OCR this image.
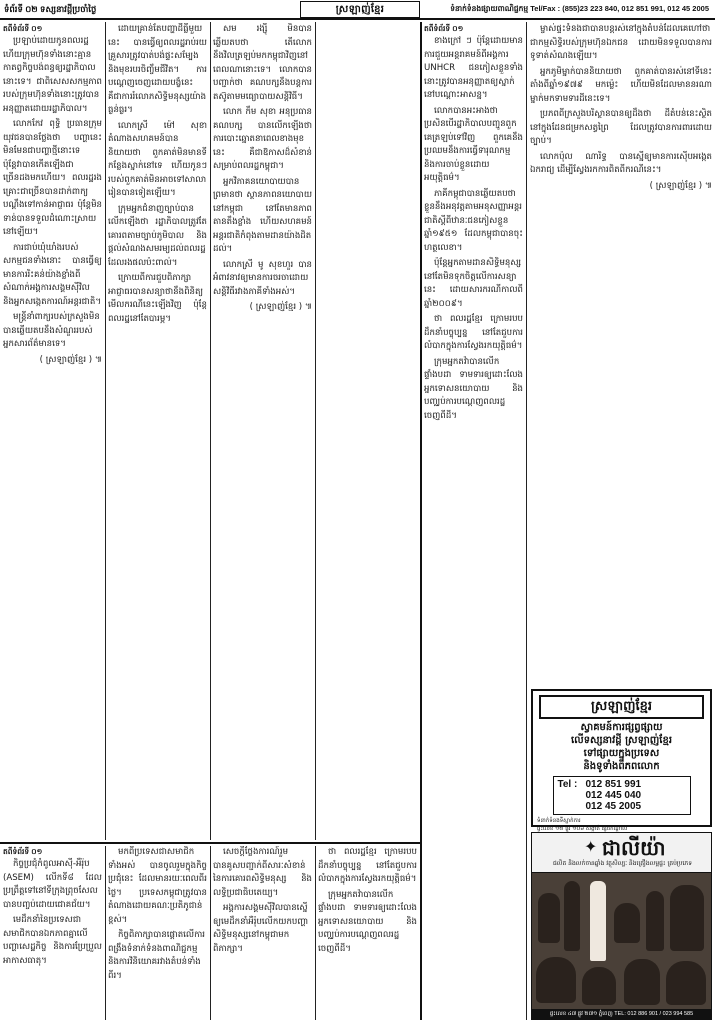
ទំព័រទី ០២ ទស្សនាវដ្តីប្រចាំថ្ងៃ	ស្រឡាញ់ខ្មែរ	ទំនាក់ទំនងផ្សាយពាណិជ្ជកម្ម Tel/Fax : (855)23 223 840, 012 851 991, 012 45 2005
តពីទំព័រទី ០១
ប្រឡាប់ដោយកូនពលរដ្ឋ ហើយក្រុមហ៊ុនទាំងនោះគ្មានកាតព្វកិច្ចបង់ពន្ធឲ្យរដ្ឋាភិបាលនោះទេ។ ជាពិសេសសកម្មភាពរបស់ក្រុមហ៊ុនទាំងនោះត្រូវបានអនុញ្ញាតដោយរដ្ឋាភិបាល។
លោកកែវ ពុទ្ធិ ប្រធានក្រុមយុវជនបានថ្លែងថា បញ្ហានេះមិនមែនជាបញ្ហាថ្មីនោះទេ ប៉ុន្តែវាបានកើតឡើងជាច្រើនដងមកហើយ។ ពលរដ្ឋរងគ្រោះជាច្រើនបានដាក់ពាក្យបណ្តឹងទៅកាន់អាជ្ញាធរ ប៉ុន្តែមិនទាន់បានទទួលដំណោះស្រាយនៅឡើយ។
ការជាប់ឃុំឃាំងរបស់សកម្មជនទាំងនោះ បានធ្វើឲ្យមានការរិះគន់យ៉ាងខ្លាំងពីសំណាក់អង្គការសង្គមស៊ីវិល និងអ្នកសង្កេតការណ៍អន្តរជាតិ។
មន្ត្រីនាំពាក្យរបស់ក្រសួងមិនបានឆ្លើយតបនឹងសំណួររបស់អ្នកសារព័ត៌មានទេ។
( ស្រឡាញ់ខ្មែរ ) ៕
ដោយគ្រាន់តែបញ្ហាដីធ្លីមួយនេះ បានធ្វើឲ្យពលរដ្ឋរាប់រយគ្រួសារត្រូវបាត់បង់ផ្ទះសម្បែង និងមុខរបរចិញ្ចឹមជីវិត។ ការបណ្តេញចេញដោយបង្ខំនេះ គឺជាការរំលោភសិទ្ធិមនុស្សយ៉ាងធ្ងន់ធ្ងរ។
លោកស្រី ម៉ៅ សុខា តំណាងសហគមន៍បាននិយាយថា ពួកគាត់មិនមានទីកន្លែងស្នាក់នៅទេ ហើយកូនៗរបស់ពួកគាត់មិនអាចទៅសាលារៀនបានទៀតឡើយ។
ក្រុមអ្នកជំនាញច្បាប់បានលើកឡើងថា រដ្ឋាភិបាលត្រូវតែគោរពតាមច្បាប់ភូមិបាល និងផ្តល់សំណងសមរម្យដល់ពលរដ្ឋដែលរងផលប៉ះពាល់។
ក្រោយពីការជួបពិភាក្សា អាជ្ញាធរបានសន្យាថានឹងពិនិត្យមើលករណីនេះឡើងវិញ ប៉ុន្តែពលរដ្ឋនៅតែបារម្ភ។
សម រង្ស៊ី មិនបានឆ្លើយតបថា តើលោកនឹងវិលត្រឡប់មកកម្ពុជាវិញនៅពេលណានោះទេ។ លោកបានបញ្ជាក់ថា គណបក្សនឹងបន្តការតស៊ូតាមមធ្យោបាយសន្តិវិធី។
លោក កឹម សុខា អនុប្រធានគណបក្ស បានលើកឡើងថា ការបោះឆ្នោតនាពេលខាងមុខនេះ គឺជាឱកាសដ៏សំខាន់សម្រាប់ពលរដ្ឋកម្ពុជា។
អ្នកវិភាគនយោបាយបានព្រមានថា ស្ថានភាពនយោបាយនៅកម្ពុជា នៅតែមានភាពតានតឹងខ្លាំង ហើយសហគមន៍អន្តរជាតិកំពុងតាមដានយ៉ាងដិតដល់។
លោកស្រី មូ សុខហួរ បានអំពាវនាវឲ្យមានការចរចាដោយសន្តិវិធីរវាងភាគីទាំងអស់។
( ស្រឡាញ់ខ្មែរ ) ៕
តពីទំព័រទី ០១
ខាងក្រៅ ៗ ប៉ុន្តែដោយមានការជួយអន្តរាគមន៍ពីអង្គការ UNHCR ជនភៀសខ្លួនទាំងនោះត្រូវបានអនុញ្ញាតឲ្យស្នាក់នៅបណ្តោះអាសន្ន។
លោកបានអះអាងថា ប្រសិនបើរដ្ឋាភិបាលបញ្ជូនពួកគេត្រឡប់ទៅវិញ ពួកគេនឹងប្រឈមនឹងការធ្វើទារុណកម្ម និងការចាប់ខ្លួនដោយអយុត្តិធម៌។
ភាគីកម្ពុជាបានឆ្លើយតបថា ខ្លួននឹងអនុវត្តតាមអនុសញ្ញាអន្តរជាតិស្តីពីឋានៈជនភៀសខ្លួន ឆ្នាំ១៩៥១ ដែលកម្ពុជាបានចុះហត្ថលេខា។
ប៉ុន្តែអ្នកតាមដានសិទ្ធិមនុស្ស នៅតែមិនទុកចិត្តលើការសន្យានេះ ដោយសារករណីកាលពីឆ្នាំ២០០៩។
ថា ពលរដ្ឋខ្មែរ ក្រោមរបបដឹកនាំបច្ចុប្បន្ន នៅតែជួបការលំបាកក្នុងការស្វែងរកយុត្តិធម៌។
ក្រុមអ្នកតវ៉ាបានលើកផ្ទាំងបដា ទាមទារឲ្យដោះលែងអ្នកទោសនយោបាយ និងបញ្ឈប់ការបណ្តេញពលរដ្ឋចេញពីដី។
ម្ចាស់ផ្ទះទំនងជាបានបន្តរស់នៅក្នុងតំបន់ដែលគេហៅថា ជាកម្មសិទ្ធិរបស់ក្រុមហ៊ុនឯកជន ដោយមិនទទួលបានការទូទាត់សំណងឡើយ។
អ្នកភូមិម្នាក់បាននិយាយថា ពួកគាត់បានរស់នៅទីនេះតាំងពីឆ្នាំ១៩៧៩ មកម្ល៉េះ ហើយមិនដែលមាននរណាម្នាក់មកទាមទារដីនេះទេ។
ប្រភពពីក្រសួងបរិស្ថានបានឲ្យដឹងថា ដីតំបន់នេះស្ថិតនៅក្នុងដែនជម្រកសត្វព្រៃ ដែលត្រូវបានការពារដោយច្បាប់។
លោកប៉ុល ណារិទ្ធ បានស្នើឲ្យមានការស៊ើបអង្កេតឯករាជ្យ ដើម្បីស្វែងរកការពិតពីករណីនេះ។
( ស្រឡាញ់ខ្មែរ ) ៕
តពីទំព័រទី ០១
កិច្ចប្រជុំកំពូលអាស៊ី-អឺរ៉ុប (ASEM) លើកទី៨ ដែលប្រព្រឹត្តទៅនៅទីក្រុងព្រុចសែល បានបញ្ចប់ដោយជោគជ័យ។
មេដឹកនាំនៃប្រទេសជាសមាជិកបានឯកភាពគ្នាលើបញ្ហាសេដ្ឋកិច្ច និងការប្រែប្រួលអាកាសធាតុ។
មកពីប្រទេសជាសមាជិកទាំងអស់ បានចូលរួមក្នុងកិច្ចប្រជុំនេះ ដែលមានរយៈពេលពីរថ្ងៃ។ ប្រទេសកម្ពុជាត្រូវបានតំណាងដោយគណៈប្រតិភូជាន់ខ្ពស់។
កិច្ចពិភាក្សាបានផ្តោតលើការពង្រឹងទំនាក់ទំនងពាណិជ្ជកម្ម និងការវិនិយោគរវាងតំបន់ទាំងពីរ។
សេចក្តីថ្លែងការណ៍រួមបានគូសបញ្ជាក់ពីសារៈសំខាន់នៃការគោរពសិទ្ធិមនុស្ស និងលទ្ធិប្រជាធិបតេយ្យ។
អង្គការសង្គមស៊ីវិលបានស្នើឲ្យមេដឹកនាំអឺរ៉ុបលើកយកបញ្ហាសិទ្ធិមនុស្សនៅកម្ពុជាមកពិភាក្សា។
ថា ពលរដ្ឋខ្មែរ ក្រោមរបបដឹកនាំបច្ចុប្បន្ន នៅតែជួបការលំបាកក្នុងការស្វែងរកយុត្តិធម៌។
ក្រុមអ្នកតវ៉ាបានលើកផ្ទាំងបដា ទាមទារឲ្យដោះលែងអ្នកទោសនយោបាយ និងបញ្ឈប់ការបណ្តេញពលរដ្ឋចេញពីដី។
ស្រឡាញ់ខ្មែរ
ស្វាគមន៍ការផ្សព្វផ្សាយ
លើទស្សនាវដ្តី ស្រឡាញ់ខ្មែរ
ទៅផ្សាយក្នុងប្រទេស
និងទូទាំងពិភពលោក
Tel : 012 851 991
012 445 040
012 45 2005
ទំនាក់ទំនងទីស្នាក់ការ
ផ្ទះលេខ ១២ ផ្លូវ ១០៦ សង្កាត់ ផ្សារកណ្តាល
✦ ជាលីយ៉ា
ផលិត និងលក់ចានឆ្នាំង វត្ថុសិល្បៈ និងគ្រឿងលម្អផ្ទះ គ្រប់ប្រភេទ
ផ្ទះលេខ ៤៧ ផ្លូវ ២៧១ ភ្នំពេញ TEL: 012 886 901 / 023 994 585
